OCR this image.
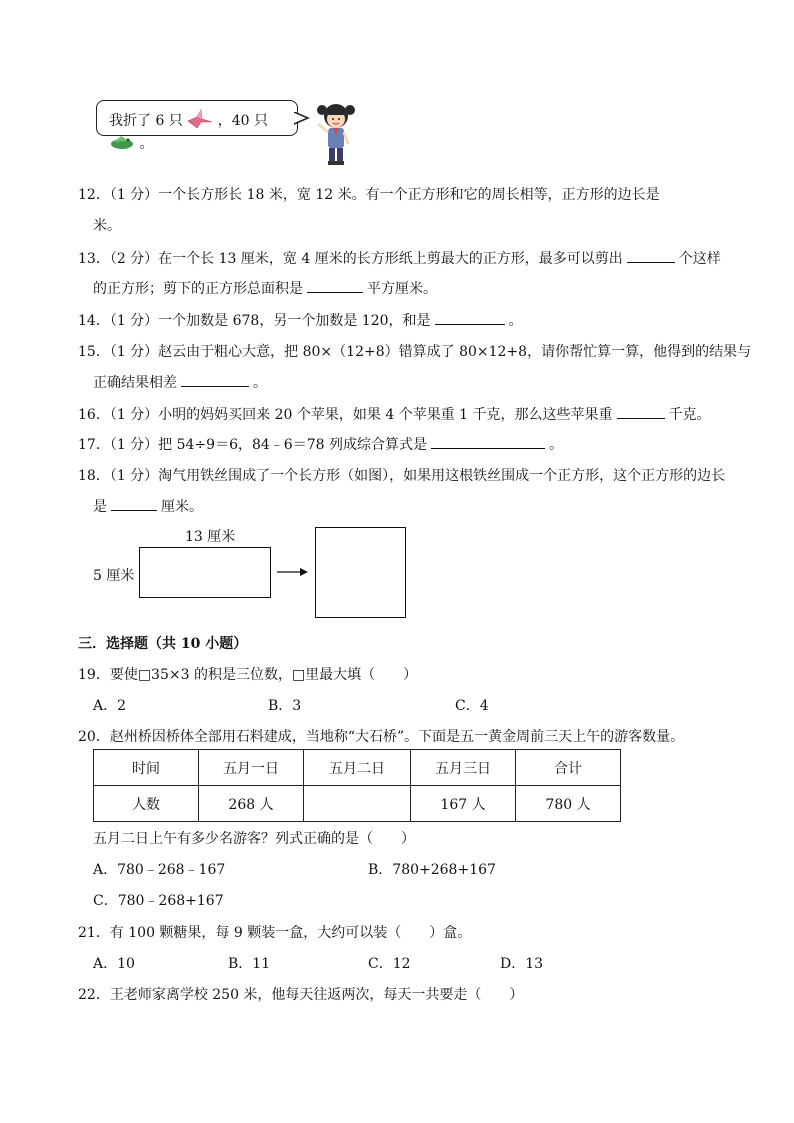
我折了 6 只 ，40 只  。
12．（1 分）一个长方形长 18 米，宽 12 米。有一个正方形和它的周长相等，正方形的边长是
米。
13．（2 分）在一个长 13 厘米，宽 4 厘米的长方形纸上剪最大的正方形，最多可以剪出	个这样
的正方形；剪下的正方形总面积是	平方厘米。
14．（1 分）一个加数是 678，另一个加数是 120，和是	。
15．（1 分）赵云由于粗心大意，把 80×（12+8）错算成了 80×12+8，请你帮忙算一算，他得到的结果与
正确结果相差	。
16．（1 分）小明的妈妈买回来 20 个苹果，如果 4 个苹果重 1 千克，那么这些苹果重	千克。
17．（1 分）把 54÷9＝6，84﹣6＝78 列成综合算式是	。
18．（1 分）淘气用铁丝围成了一个长方形（如图），如果用这根铁丝围成一个正方形，这个正方形的边长
是	厘米。
13 厘米
5 厘米
三．选择题（共 10 小题）
19．要使□35×3 的积是三位数，□里最大填（　　）
A．2	B．3	C．4
20．赵州桥因桥体全部用石料建成，当地称“大石桥”。下面是五一黄金周前三天上午的游客数量。
时间	五月一日	五月二日	五月三日	合计
人数	268 人		167 人	780 人
五月二日上午有多少名游客？列式正确的是（　　）
A．780﹣268﹣167	B．780+268+167
C．780﹣268+167
21．有 100 颗糖果，每 9 颗装一盒，大约可以装（　　）盒。
A．10	B．11	C．12	D．13
22．王老师家离学校 250 米，他每天往返两次，每天一共要走（　　）
